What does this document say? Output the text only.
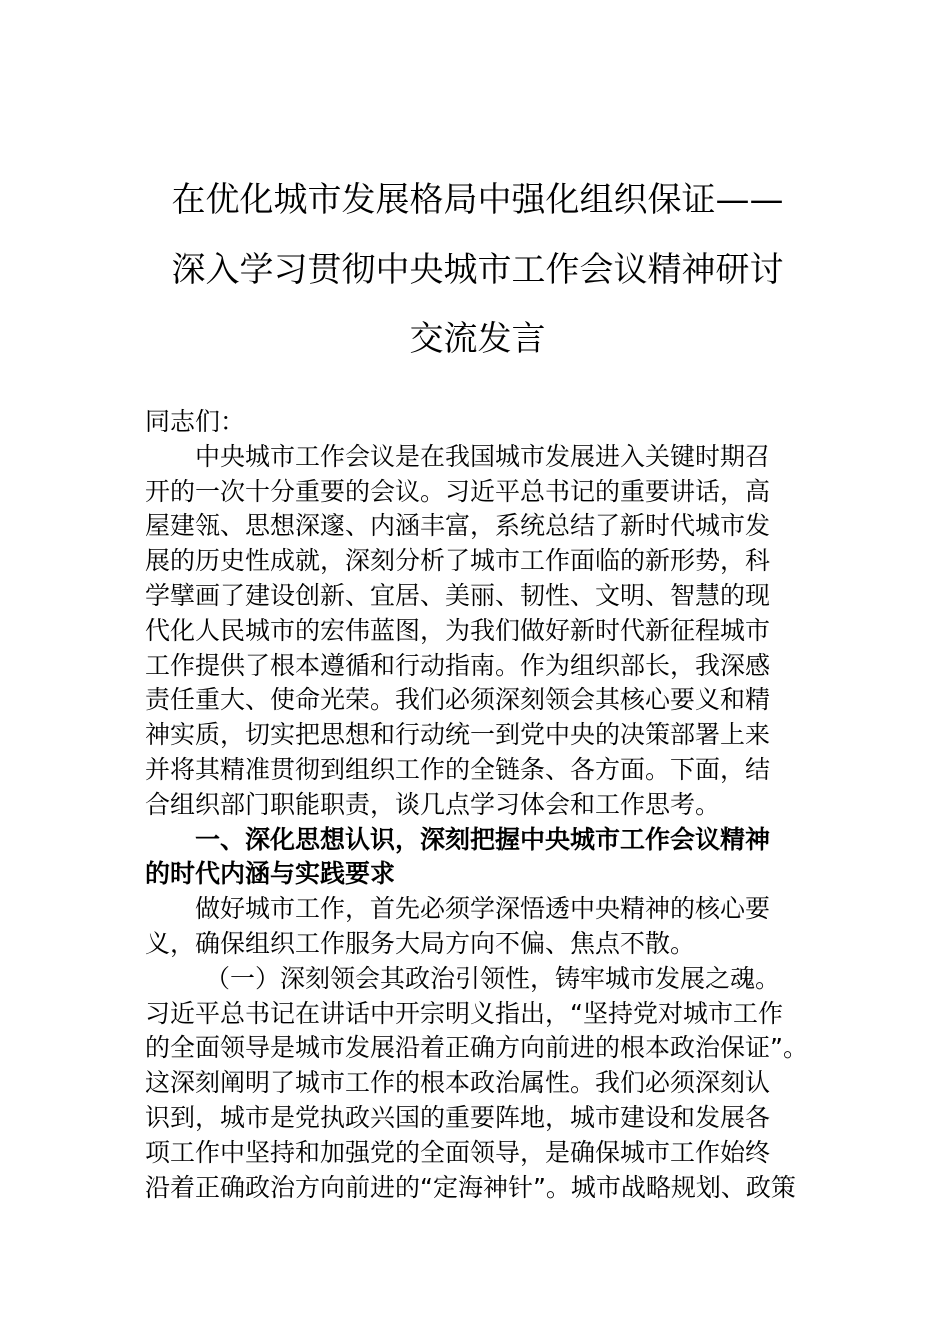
在优化城市发展格局中强化组织保证——
深入学习贯彻中央城市工作会议精神研讨
交流发言
同志们：
中央城市工作会议是在我国城市发展进入关键时期召
开的一次十分重要的会议。习近平总书记的重要讲话，高
屋建瓴、思想深邃、内涵丰富，系统总结了新时代城市发
展的历史性成就，深刻分析了城市工作面临的新形势，科
学擘画了建设创新、宜居、美丽、韧性、文明、智慧的现
代化人民城市的宏伟蓝图，为我们做好新时代新征程城市
工作提供了根本遵循和行动指南。作为组织部长，我深感
责任重大、使命光荣。我们必须深刻领会其核心要义和精
神实质，切实把思想和行动统一到党中央的决策部署上来
并将其精准贯彻到组织工作的全链条、各方面。下面，结
合组织部门职能职责，谈几点学习体会和工作思考。
一、深化思想认识，深刻把握中央城市工作会议精神
的时代内涵与实践要求
做好城市工作，首先必须学深悟透中央精神的核心要
义，确保组织工作服务大局方向不偏、焦点不散。
（一）深刻领会其政治引领性，铸牢城市发展之魂。
习近平总书记在讲话中开宗明义指出，“坚持党对城市工作
的全面领导是城市发展沿着正确方向前进的根本政治保证”。
这深刻阐明了城市工作的根本政治属性。我们必须深刻认
识到，城市是党执政兴国的重要阵地，城市建设和发展各
项工作中坚持和加强党的全面领导，是确保城市工作始终
沿着正确政治方向前进的“定海神针”。城市战略规划、政策
